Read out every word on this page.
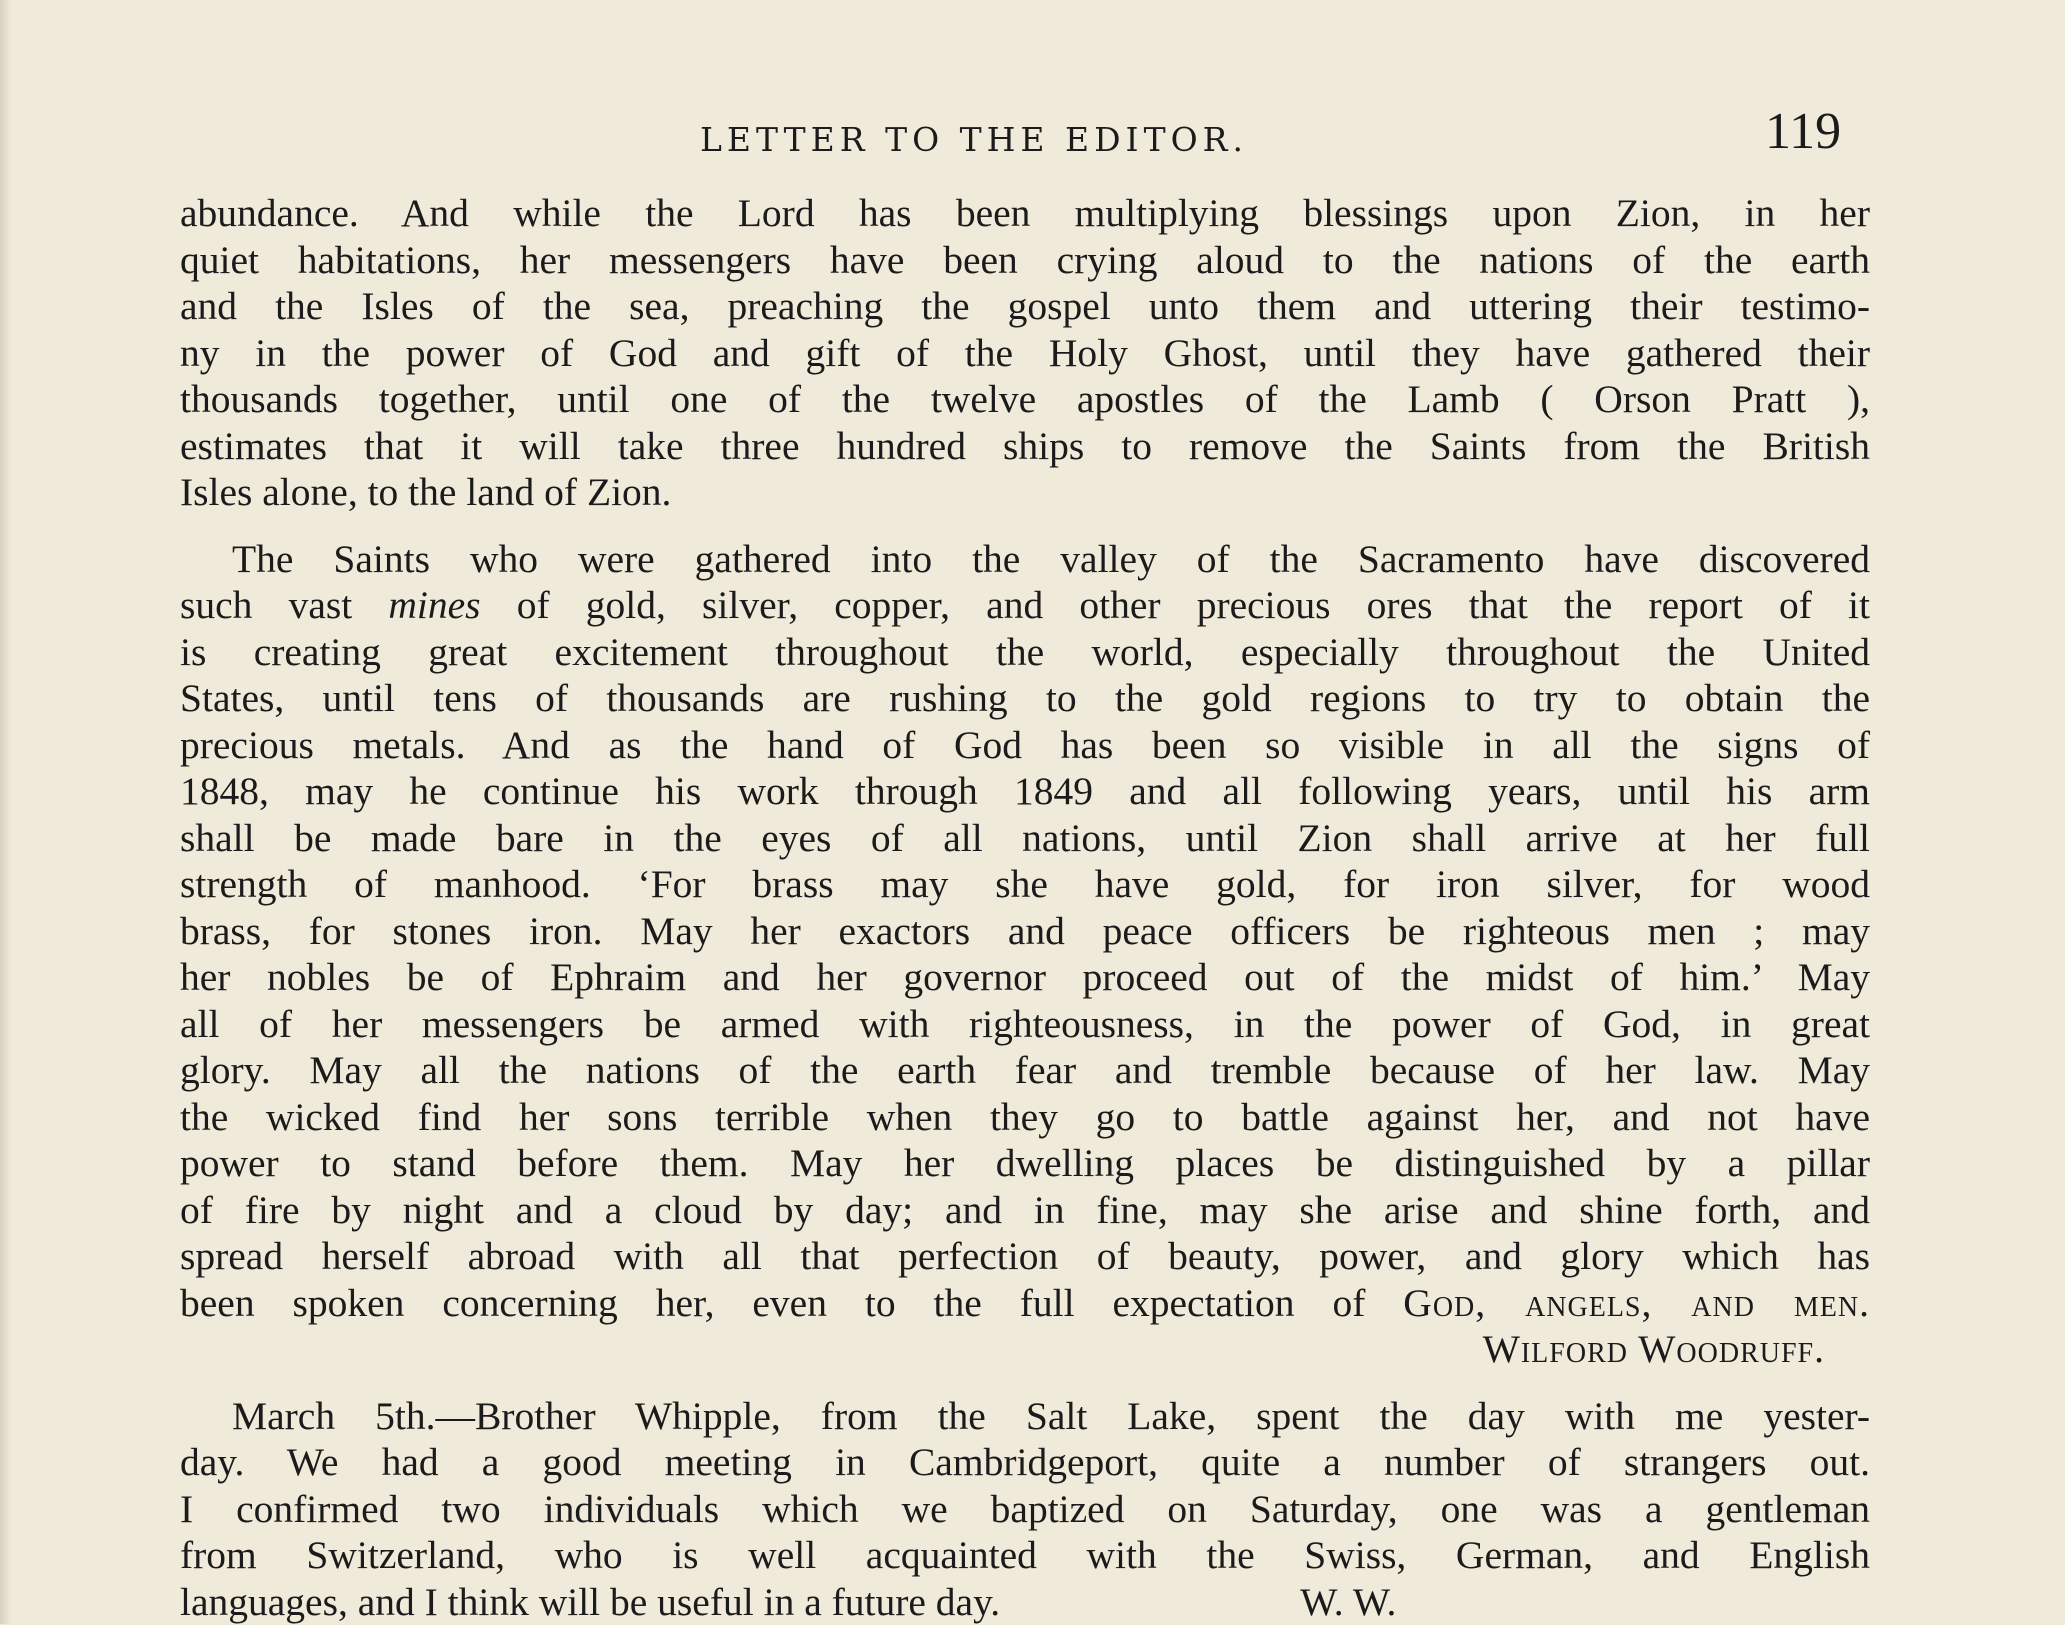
LETTER TO THE EDITOR.	119
abundance. And while the Lord has been multiplying blessings upon Zion, in her
quiet habitations, her messengers have been crying aloud to the nations of the earth
and the Isles of the sea, preaching the gospel unto them and uttering their testimo-
ny in the power of God and gift of the Holy Ghost, until they have gathered their
thousands together, until one of the twelve apostles of the Lamb ( Orson Pratt ),
estimates that it will take three hundred ships to remove the Saints from the British
Isles alone, to the land of Zion.
The Saints who were gathered into the valley of the Sacramento have discovered
such vast mines of gold, silver, copper, and other precious ores that the report of it
is creating great excitement throughout the world, especially throughout the United
States, until tens of thousands are rushing to the gold regions to try to obtain the
precious metals. And as the hand of God has been so visible in all the signs of
1848, may he continue his work through 1849 and all following years, until his arm
shall be made bare in the eyes of all nations, until Zion shall arrive at her full
strength of manhood. ‘For brass may she have gold, for iron silver, for wood
brass, for stones iron. May her exactors and peace officers be righteous men ; may
her nobles be of Ephraim and her governor proceed out of the midst of him.’ May
all of her messengers be armed with righteousness, in the power of God, in great
glory. May all the nations of the earth fear and tremble because of her law. May
the wicked find her sons terrible when they go to battle against her, and not have
power to stand before them. May her dwelling places be distinguished by a pillar
of fire by night and a cloud by day; and in fine, may she arise and shine forth, and
spread herself abroad with all that perfection of beauty, power, and glory which has
been spoken concerning her, even to the full expectation of God, angels, and men.
Wilford Woodruff.
March 5th.—Brother Whipple, from the Salt Lake, spent the day with me yester-
day. We had a good meeting in Cambridgeport, quite a number of strangers out.
I confirmed two individuals which we baptized on Saturday, one was a gentleman
from Switzerland, who is well acquainted with the Swiss, German, and English
languages, and I think will be useful in a future day.	W. W.
